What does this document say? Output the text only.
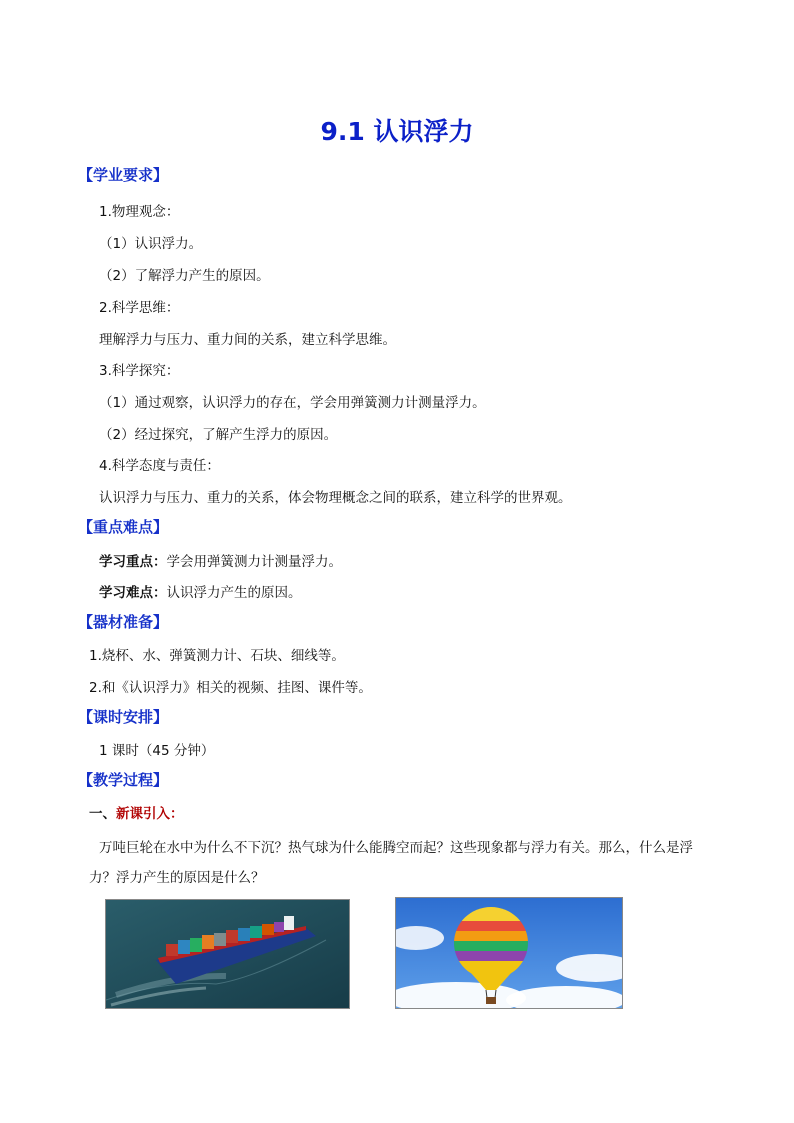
9.1 认识浮力
【学业要求】
1.物理观念：
（1）认识浮力。
（2）了解浮力产生的原因。
2.科学思维：
理解浮力与压力、重力间的关系，建立科学思维。
3.科学探究：
（1）通过观察，认识浮力的存在，学会用弹簧测力计测量浮力。
（2）经过探究，了解产生浮力的原因。
4.科学态度与责任：
认识浮力与压力、重力的关系，体会物理概念之间的联系，建立科学的世界观。
【重点难点】
学习重点：学会用弹簧测力计测量浮力。
学习难点：认识浮力产生的原因。
【器材准备】
1.烧杯、水、弹簧测力计、石块、细线等。
2.和《认识浮力》相关的视频、挂图、课件等。
【课时安排】
1 课时（45 分钟）
【教学过程】
一、新课引入：
万吨巨轮在水中为什么不下沉？热气球为什么能腾空而起？这些现象都与浮力有关。那么，什么是浮
力？浮力产生的原因是什么？
